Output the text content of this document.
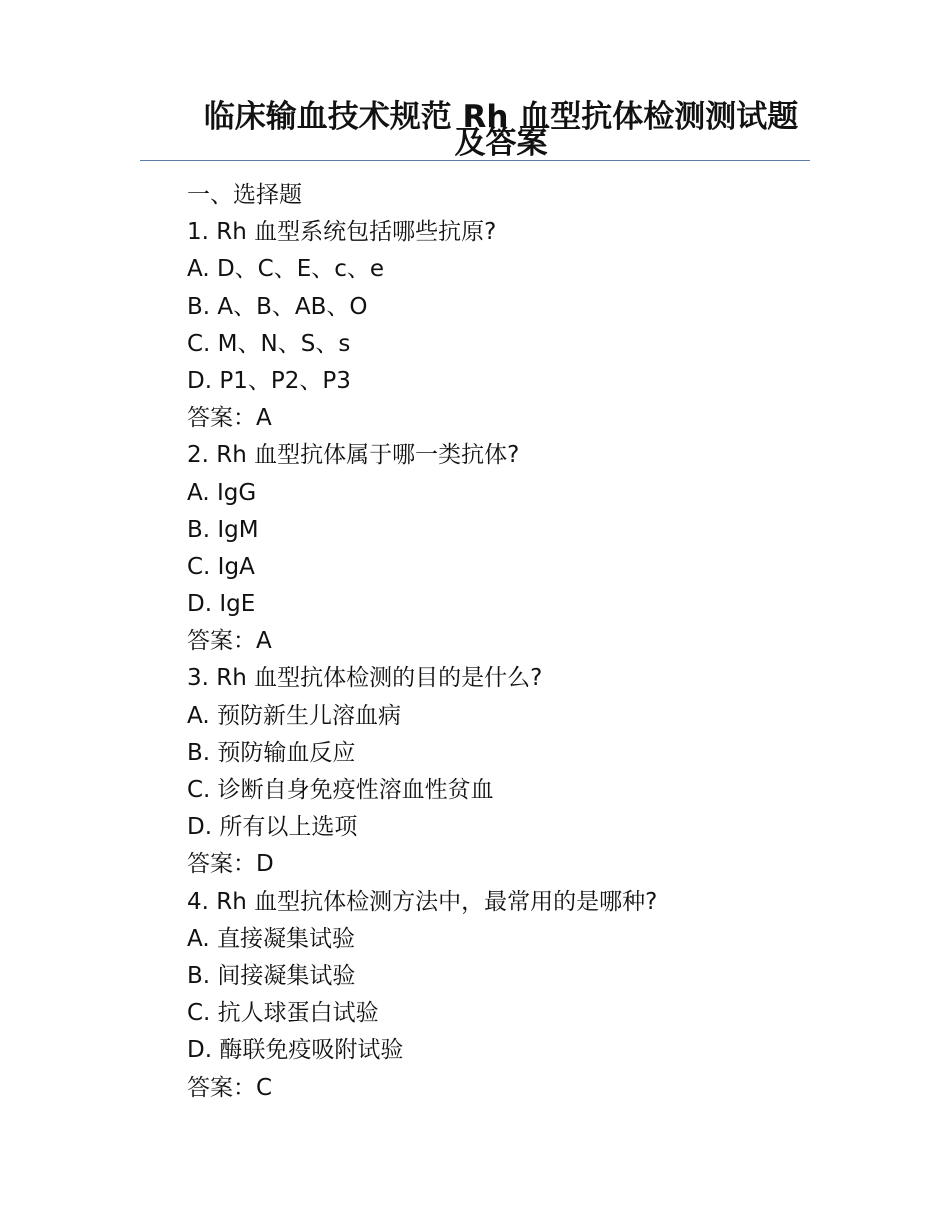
临床输血技术规范 Rh 血型抗体检测测试题及答案
一、选择题
1. Rh 血型系统包括哪些抗原?
A. D、C、E、c、e
B. A、B、AB、O
C. M、N、S、s
D. P1、P2、P3
答案：A
2. Rh 血型抗体属于哪一类抗体?
A. IgG
B. IgM
C. IgA
D. IgE
答案：A
3. Rh 血型抗体检测的目的是什么?
A. 预防新生儿溶血病
B. 预防输血反应
C. 诊断自身免疫性溶血性贫血
D. 所有以上选项
答案：D
4. Rh 血型抗体检测方法中，最常用的是哪种?
A. 直接凝集试验
B. 间接凝集试验
C. 抗人球蛋白试验
D. 酶联免疫吸附试验
答案：C
